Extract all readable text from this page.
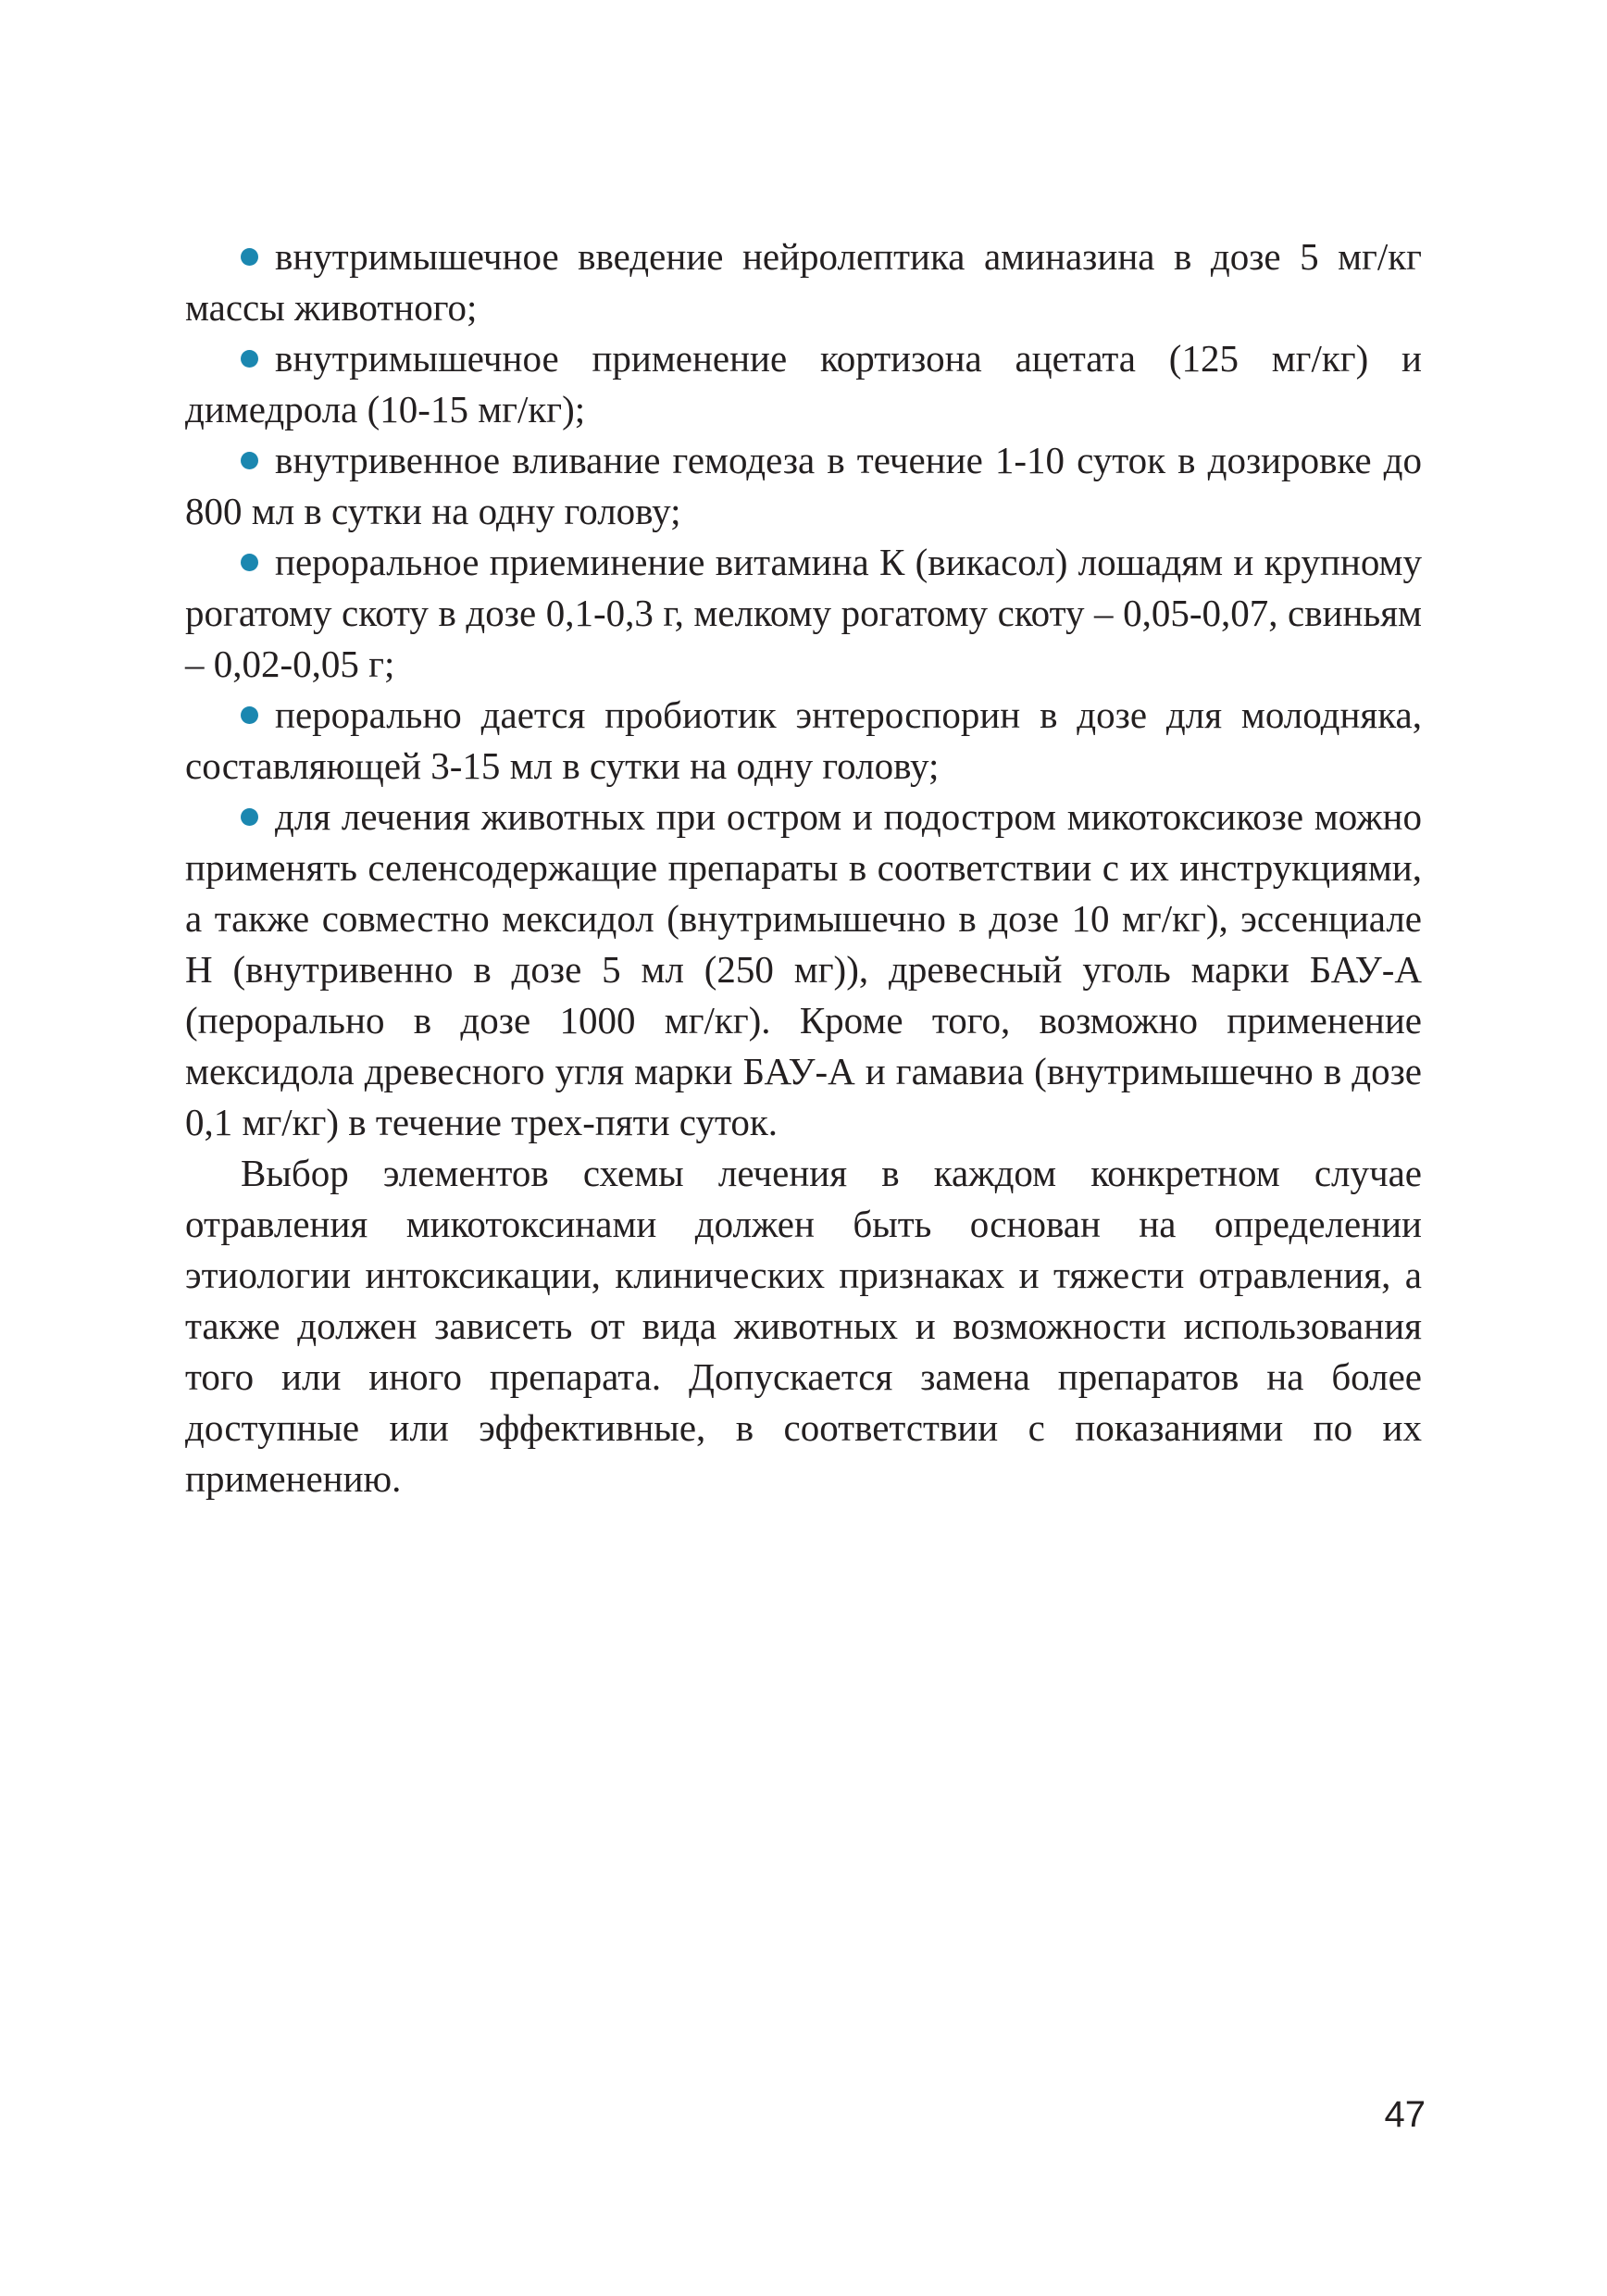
внутримышечное введение нейролептика аминазина в дозе 5 мг/кг массы животного;

внутримышечное применение кортизона ацетата (125 мг/кг) и димедрола (10-15 мг/кг);

внутривенное вливание гемодеза в течение 1-10 суток в дозировке до 800 мл в сутки на одну голову;

пероральное приеминение витамина К (викасол) лошадям и крупному рогатому скоту в дозе 0,1-0,3 г, мелкому рогатому скоту – 0,05-0,07, свиньям – 0,02-0,05 г;

перорально дается пробиотик энтероспорин в дозе для молодняка, составляющей 3-15 мл в сутки на одну голову;

для лечения животных при остром и подостром микотоксикозе можно применять селенсодержащие препараты в соответствии с их инструкциями, а также совместно мексидол (внутримышечно в дозе 10 мг/кг), эссенциале Н (внутривенно в дозе 5 мл (250 мг)), древесный уголь марки БАУ-А (перорально в дозе 1000 мг/кг). Кроме того, возможно применение мексидола древесного угля марки БАУ-А и гамавиа (внутримышечно в дозе 0,1 мг/кг) в течение трех-пяти суток.

Выбор элементов схемы лечения в каждом конкретном случае отравления микотоксинами должен быть основан на определении этиологии интоксикации, клинических признаках и тяжести отравления, а также должен зависеть от вида животных и возможности использования того или иного препарата. Допускается замена препаратов на более доступные или эффективные, в соответствии с показаниями по их применению.

47
